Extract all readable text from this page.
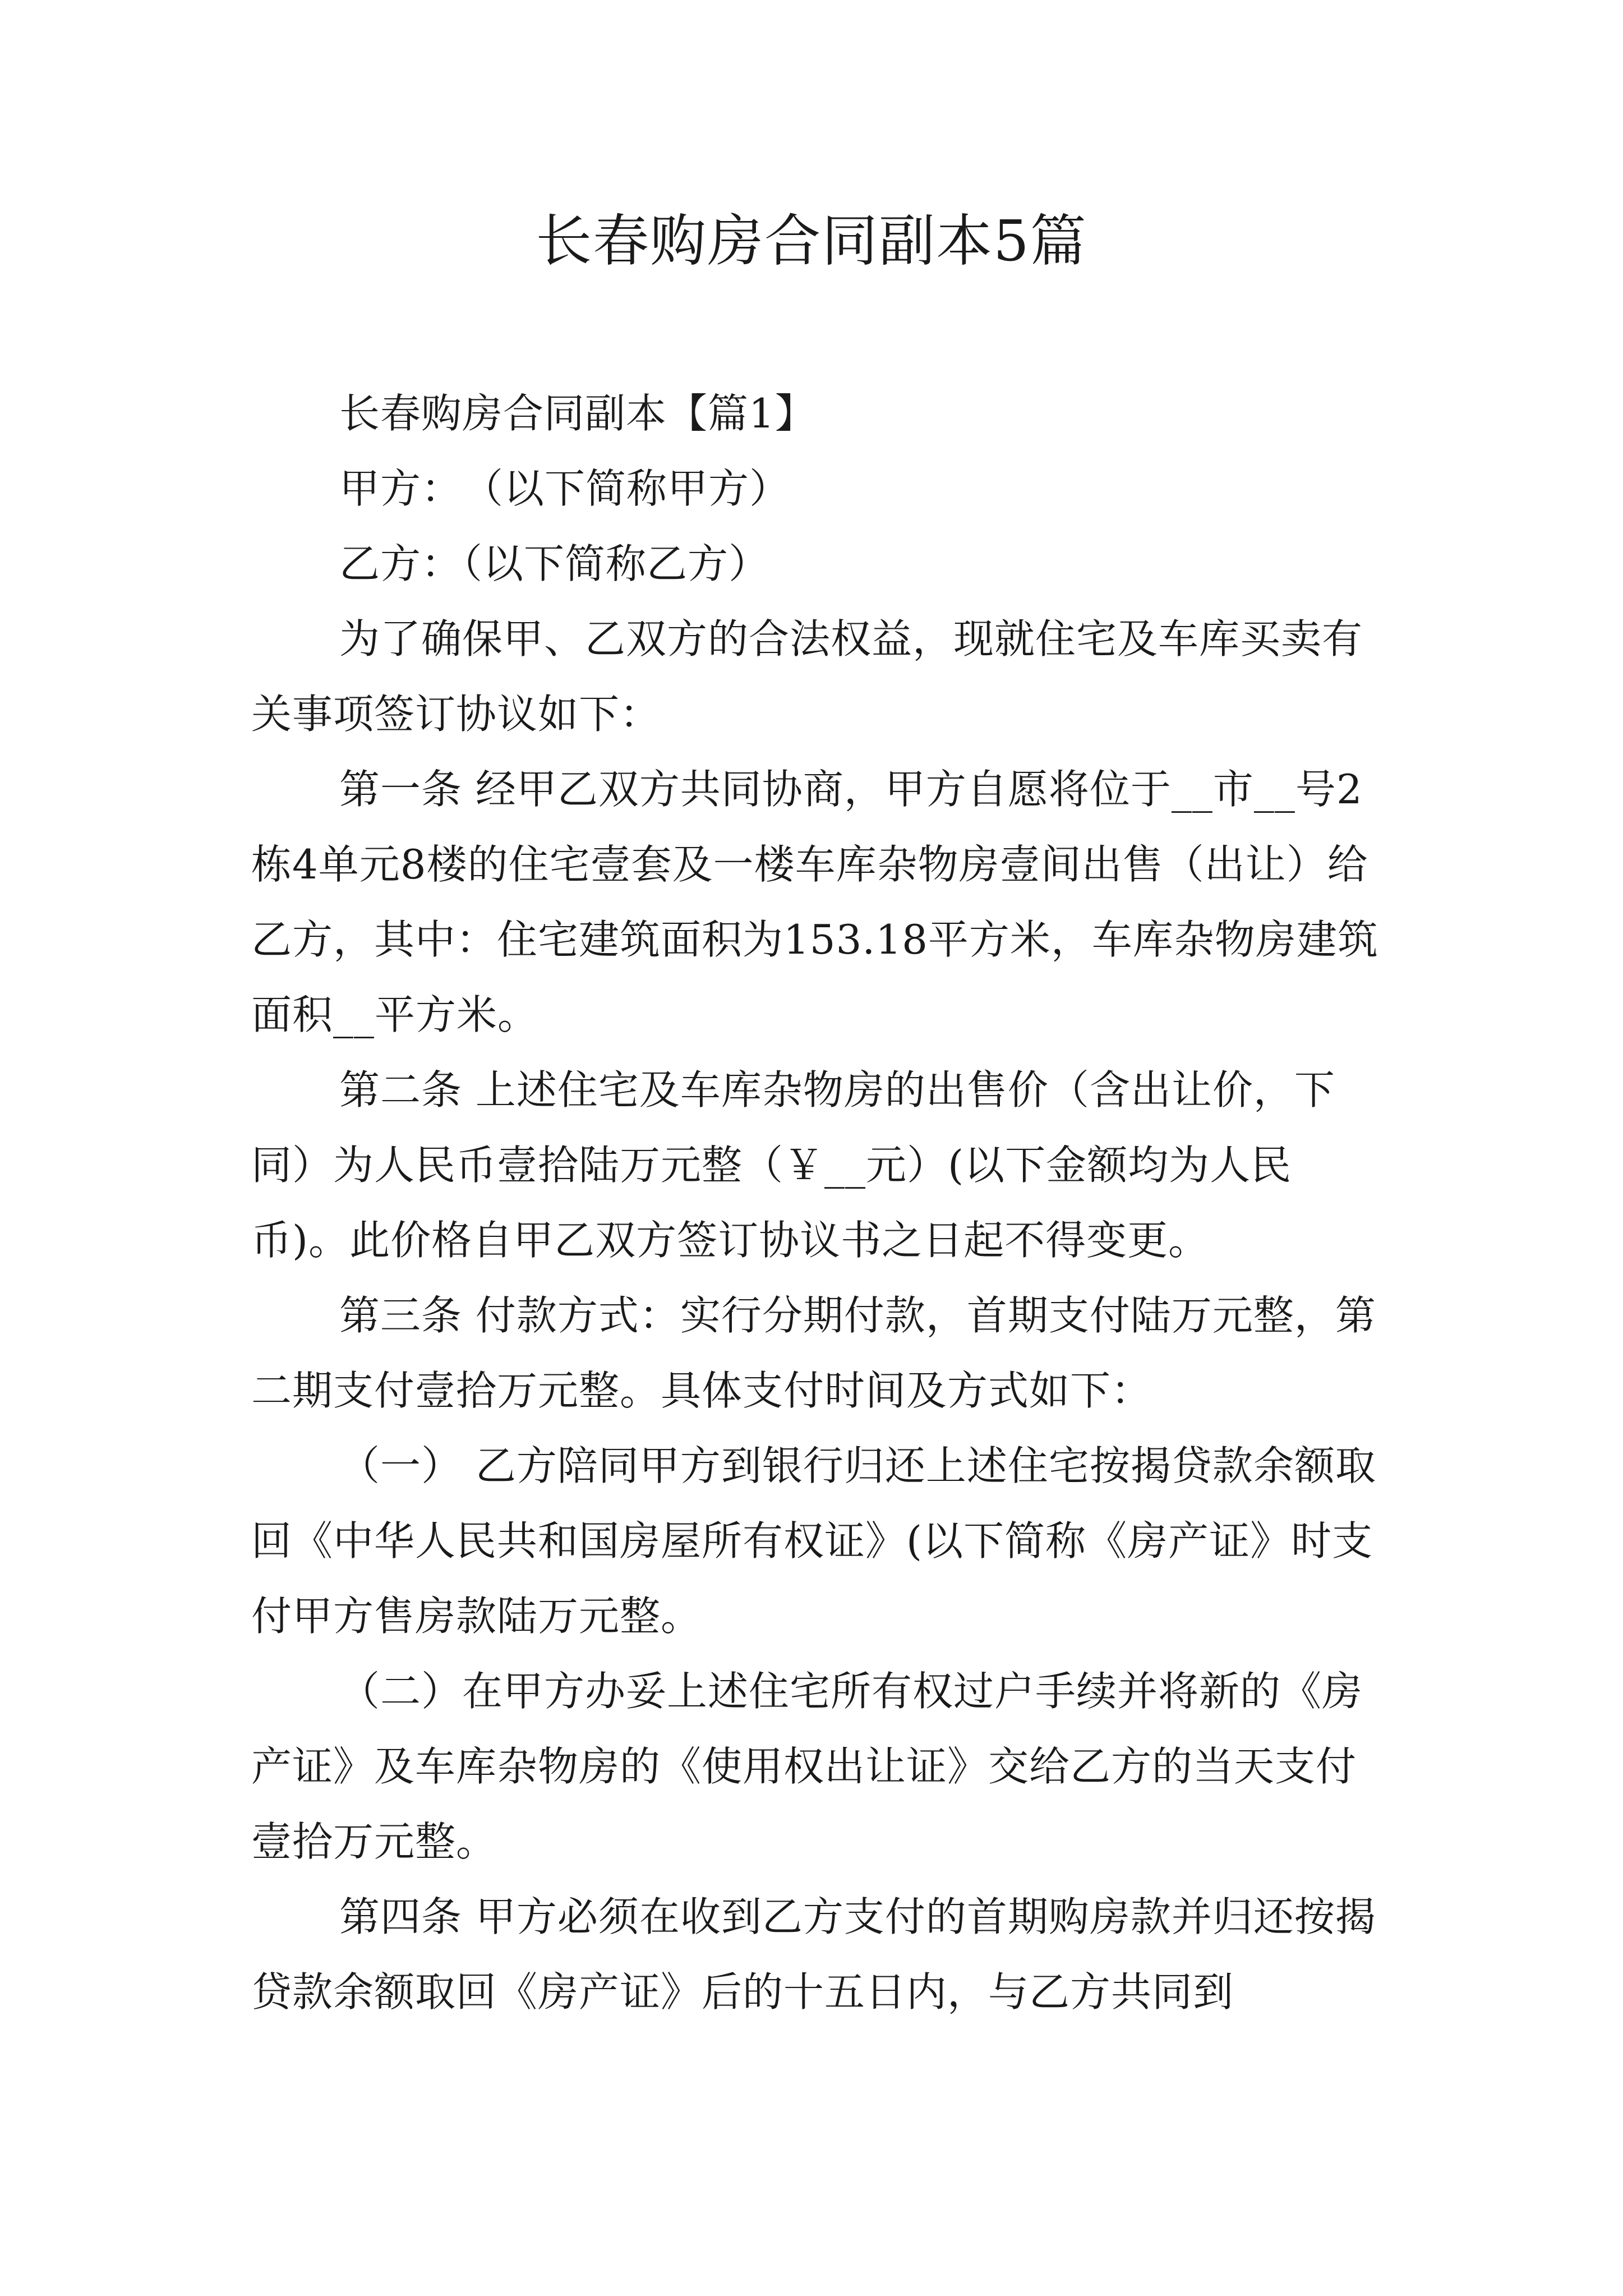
长春购房合同副本5篇

长春购房合同副本【篇1】

甲方：　（以下简称甲方）

乙方：（以下简称乙方）

为了确保甲、乙双方的合法权益，现就住宅及车库买卖有关事项签订协议如下：

第一条 经甲乙双方共同协商，甲方自愿将位于__市__号2栋4单元8楼的住宅壹套及一楼车库杂物房壹间出售（出让）给乙方，其中：住宅建筑面积为153.18平方米，车库杂物房建筑面积__平方米。

第二条 上述住宅及车库杂物房的出售价（含出让价，下同）为人民币壹拾陆万元整（￥__元）(以下金额均为人民币)。此价格自甲乙双方签订协议书之日起不得变更。

第三条 付款方式：实行分期付款，首期支付陆万元整，第二期支付壹拾万元整。具体支付时间及方式如下：

（一） 乙方陪同甲方到银行归还上述住宅按揭贷款余额取回《中华人民共和国房屋所有权证》(以下简称《房产证》时支付甲方售房款陆万元整。

（二）在甲方办妥上述住宅所有权过户手续并将新的《房产证》及车库杂物房的《使用权出让证》交给乙方的当天支付壹拾万元整。

第四条 甲方必须在收到乙方支付的首期购房款并归还按揭贷款余额取回《房产证》后的十五日内，与乙方共同到
